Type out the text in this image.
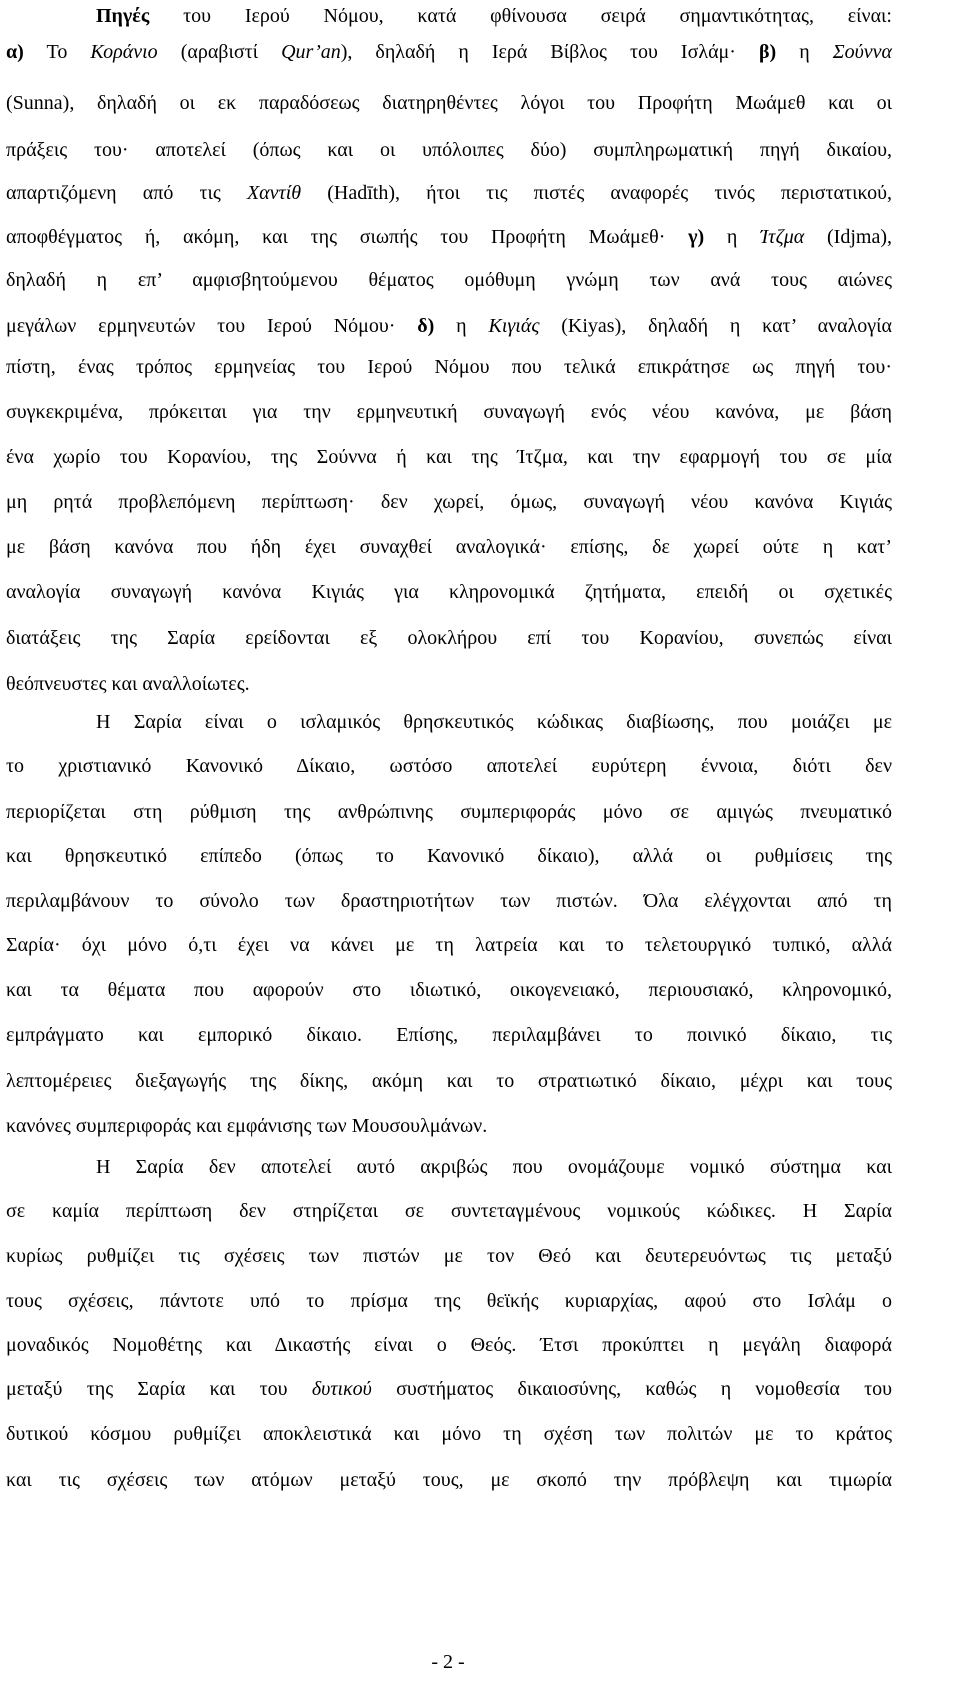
Πηγές του Ιερού Νόμου, κατά φθίνουσα σειρά σημαντικότητας, είναι:
α) Το Κοράνιο (αραβιστί Qur’an), δηλαδή η Ιερά Βίβλος του Ισλάμ· β) η Σούννα
(Sunna), δηλαδή οι εκ παραδόσεως διατηρηθέντες λόγοι του Προφήτη Μωάμεθ και οι
πράξεις του· αποτελεί (όπως και οι υπόλοιπες δύο) συμπληρωματική πηγή δικαίου,
απαρτιζόμενη από τις Χαντίθ (Hadīth), ήτοι τις πιστές αναφορές τινός περιστατικού,
αποφθέγματος ή, ακόμη, και της σιωπής του Προφήτη Μωάμεθ· γ) η Ίτζμα (Idjma),
δηλαδή η επ’ αμφισβητούμενου θέματος ομόθυμη γνώμη των ανά τους αιώνες
μεγάλων ερμηνευτών του Ιερού Νόμου· δ) η Κιγιάς (Kiyas), δηλαδή η κατ’ αναλογία
πίστη, ένας τρόπος ερμηνείας του Ιερού Νόμου που τελικά επικράτησε ως πηγή του·
συγκεκριμένα, πρόκειται για την ερμηνευτική συναγωγή ενός νέου κανόνα, με βάση
ένα χωρίο του Κορανίου, της Σούννα ή και της Ίτζμα, και την εφαρμογή του σε μία
μη ρητά προβλεπόμενη περίπτωση· δεν χωρεί, όμως, συναγωγή νέου κανόνα Κιγιάς
με βάση κανόνα που ήδη έχει συναχθεί αναλογικά· επίσης, δε χωρεί ούτε η κατ’
αναλογία συναγωγή κανόνα Κιγιάς για κληρονομικά ζητήματα, επειδή οι σχετικές
διατάξεις της Σαρία ερείδονται εξ ολοκλήρου επί του Κορανίου, συνεπώς είναι
θεόπνευστες και αναλλοίωτες.
Η Σαρία είναι ο ισλαμικός θρησκευτικός κώδικας διαβίωσης, που μοιάζει με
το χριστιανικό Κανονικό Δίκαιο, ωστόσο αποτελεί ευρύτερη έννοια, διότι δεν
περιορίζεται στη ρύθμιση της ανθρώπινης συμπεριφοράς μόνο σε αμιγώς πνευματικό
και θρησκευτικό επίπεδο (όπως το Κανονικό δίκαιο), αλλά οι ρυθμίσεις της
περιλαμβάνουν το σύνολο των δραστηριοτήτων των πιστών. Όλα ελέγχονται από τη
Σαρία· όχι μόνο ό,τι έχει να κάνει με τη λατρεία και το τελετουργικό τυπικό, αλλά
και τα θέματα που αφορούν στο ιδιωτικό, οικογενειακό, περιουσιακό, κληρονομικό,
εμπράγματο και εμπορικό δίκαιο. Επίσης, περιλαμβάνει το ποινικό δίκαιο, τις
λεπτομέρειες διεξαγωγής της δίκης, ακόμη και το στρατιωτικό δίκαιο, μέχρι και τους
κανόνες συμπεριφοράς και εμφάνισης των Μουσουλμάνων.
Η Σαρία δεν αποτελεί αυτό ακριβώς που ονομάζουμε νομικό σύστημα και
σε καμία περίπτωση δεν στηρίζεται σε συντεταγμένους νομικούς κώδικες. Η Σαρία
κυρίως ρυθμίζει τις σχέσεις των πιστών με τον Θεό και δευτερευόντως τις μεταξύ
τους σχέσεις, πάντοτε υπό το πρίσμα της θεϊκής κυριαρχίας, αφού στο Ισλάμ ο
μοναδικός Νομοθέτης και Δικαστής είναι ο Θεός. Έτσι προκύπτει η μεγάλη διαφορά
μεταξύ της Σαρία και του δυτικού συστήματος δικαιοσύνης, καθώς η νομοθεσία του
δυτικού κόσμου ρυθμίζει αποκλειστικά και μόνο τη σχέση των πολιτών με το κράτος
και τις σχέσεις των ατόμων μεταξύ τους, με σκοπό την πρόβλεψη και τιμωρία
- 2 -
